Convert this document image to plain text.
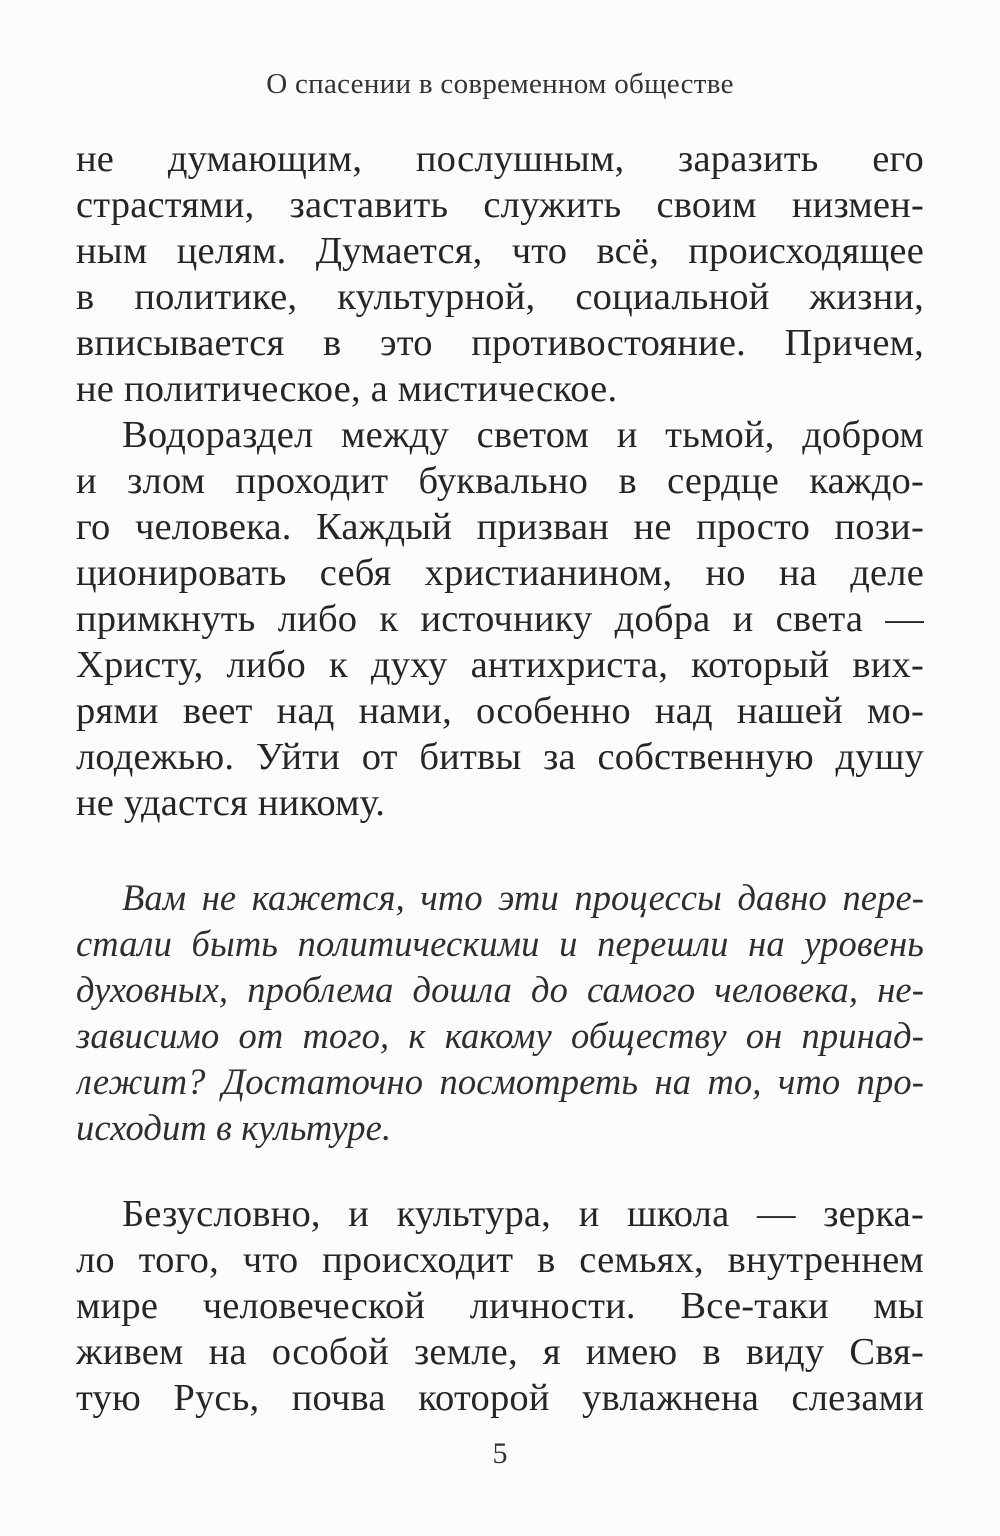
О спасении в современном обществе
не думающим, послушным, заразить его
страстями, заставить служить своим низмен-
ным целям. Думается, что всё, происходящее
в политике, культурной, социальной жизни,
вписывается в это противостояние. Причем,
не политическое, а мистическое.
Водораздел между светом и тьмой, добром
и злом проходит буквально в сердце каждо-
го человека. Каждый призван не просто пози-
ционировать себя христианином, но на деле
примкнуть либо к источнику добра и света —
Христу, либо к духу антихриста, который вих-
рями веет над нами, особенно над нашей мо-
лодежью. Уйти от битвы за собственную душу
не удастся никому.
Вам не кажется, что эти процессы давно пере-
стали быть политическими и перешли на уровень
духовных, проблема дошла до самого человека, не-
зависимо от того, к какому обществу он принад-
лежит? Достаточно посмотреть на то, что про-
исходит в культуре.
Безусловно, и культура, и школа — зерка-
ло того, что происходит в семьях, внутреннем
мире человеческой личности. Все-таки мы
живем на особой земле, я имею в виду Свя-
тую Русь, почва которой увлажнена слезами
5
